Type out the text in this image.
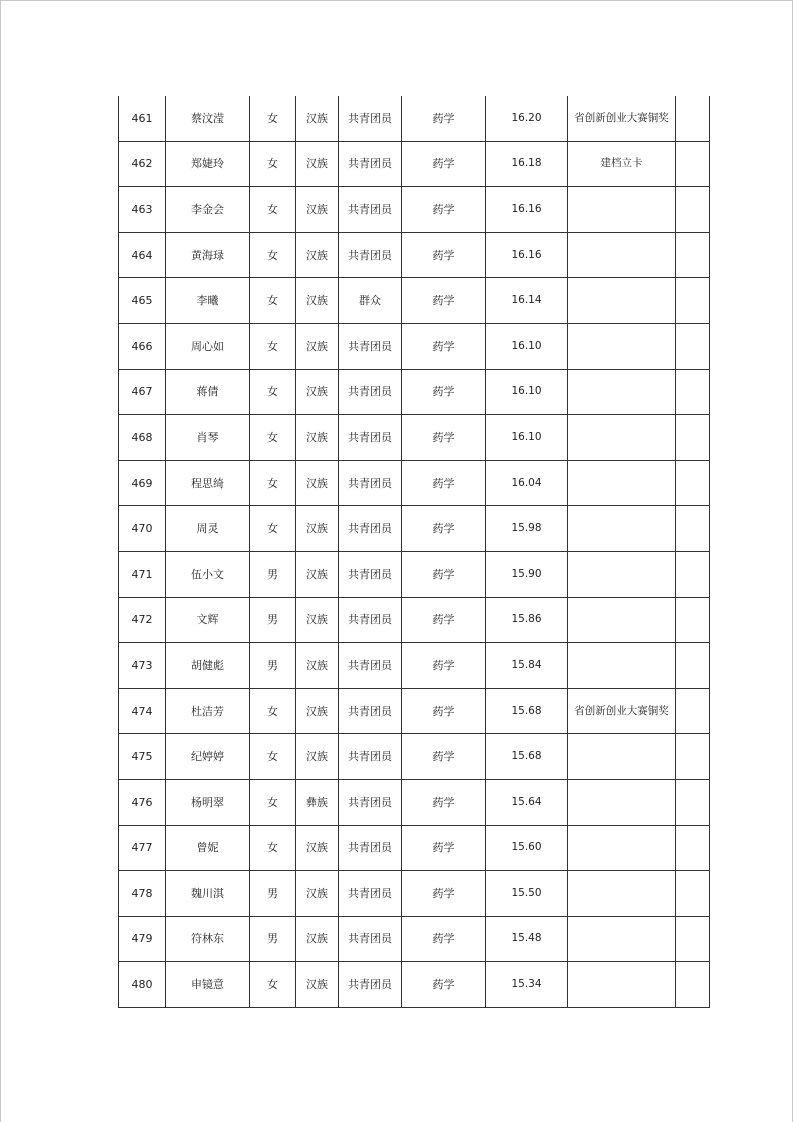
461	蔡汶滢	女	汉族	共青团员	药学	16.20	省创新创业大赛铜奖	
462	郑婕玲	女	汉族	共青团员	药学	16.18	建档立卡	
463	李金会	女	汉族	共青团员	药学	16.16		
464	黄海琭	女	汉族	共青团员	药学	16.16		
465	李曦	女	汉族	群众	药学	16.14		
466	周心如	女	汉族	共青团员	药学	16.10		
467	蒋倩	女	汉族	共青团员	药学	16.10		
468	肖琴	女	汉族	共青团员	药学	16.10		
469	程思绮	女	汉族	共青团员	药学	16.04		
470	周灵	女	汉族	共青团员	药学	15.98		
471	伍小文	男	汉族	共青团员	药学	15.90		
472	文辉	男	汉族	共青团员	药学	15.86		
473	胡健彪	男	汉族	共青团员	药学	15.84		
474	杜洁芳	女	汉族	共青团员	药学	15.68	省创新创业大赛铜奖	
475	纪婷婷	女	汉族	共青团员	药学	15.68		
476	杨明翠	女	彝族	共青团员	药学	15.64		
477	曾妮	女	汉族	共青团员	药学	15.60		
478	魏川淇	男	汉族	共青团员	药学	15.50		
479	符林东	男	汉族	共青团员	药学	15.48		
480	申镜意	女	汉族	共青团员	药学	15.34		
